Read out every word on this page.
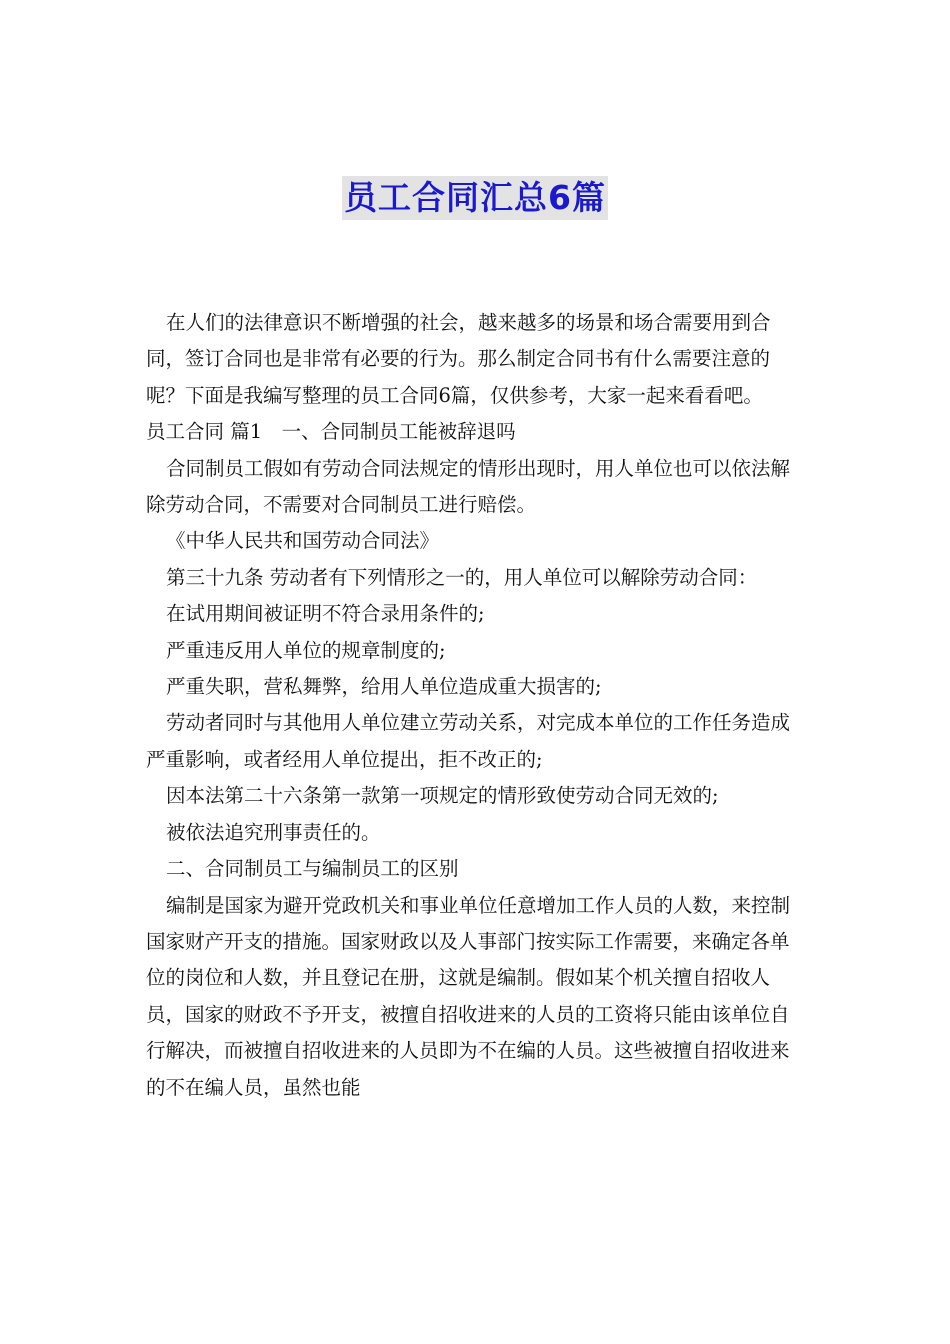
员工合同汇总6篇

在人们的法律意识不断增强的社会，越来越多的场景和场合需要用到合同，签订合同也是非常有必要的行为。那么制定合同书有什么需要注意的呢？下面是我编写整理的员工合同6篇，仅供参考，大家一起来看看吧。

员工合同 篇1　一、合同制员工能被辞退吗

合同制员工假如有劳动合同法规定的情形出现时，用人单位也可以依法解除劳动合同，不需要对合同制员工进行赔偿。

《中华人民共和国劳动合同法》

第三十九条 劳动者有下列情形之一的，用人单位可以解除劳动合同：

在试用期间被证明不符合录用条件的;

严重违反用人单位的规章制度的;

严重失职，营私舞弊，给用人单位造成重大损害的;

劳动者同时与其他用人单位建立劳动关系，对完成本单位的工作任务造成严重影响，或者经用人单位提出，拒不改正的;

因本法第二十六条第一款第一项规定的情形致使劳动合同无效的;

被依法追究刑事责任的。

二、合同制员工与编制员工的区别

编制是国家为避开党政机关和事业单位任意增加工作人员的人数，来控制国家财产开支的措施。国家财政以及人事部门按实际工作需要，来确定各单位的岗位和人数，并且登记在册，这就是编制。假如某个机关擅自招收人员，国家的财政不予开支，被擅自招收进来的人员的工资将只能由该单位自行解决，而被擅自招收进来的人员即为不在编的人员。这些被擅自招收进来的不在编人员，虽然也能
